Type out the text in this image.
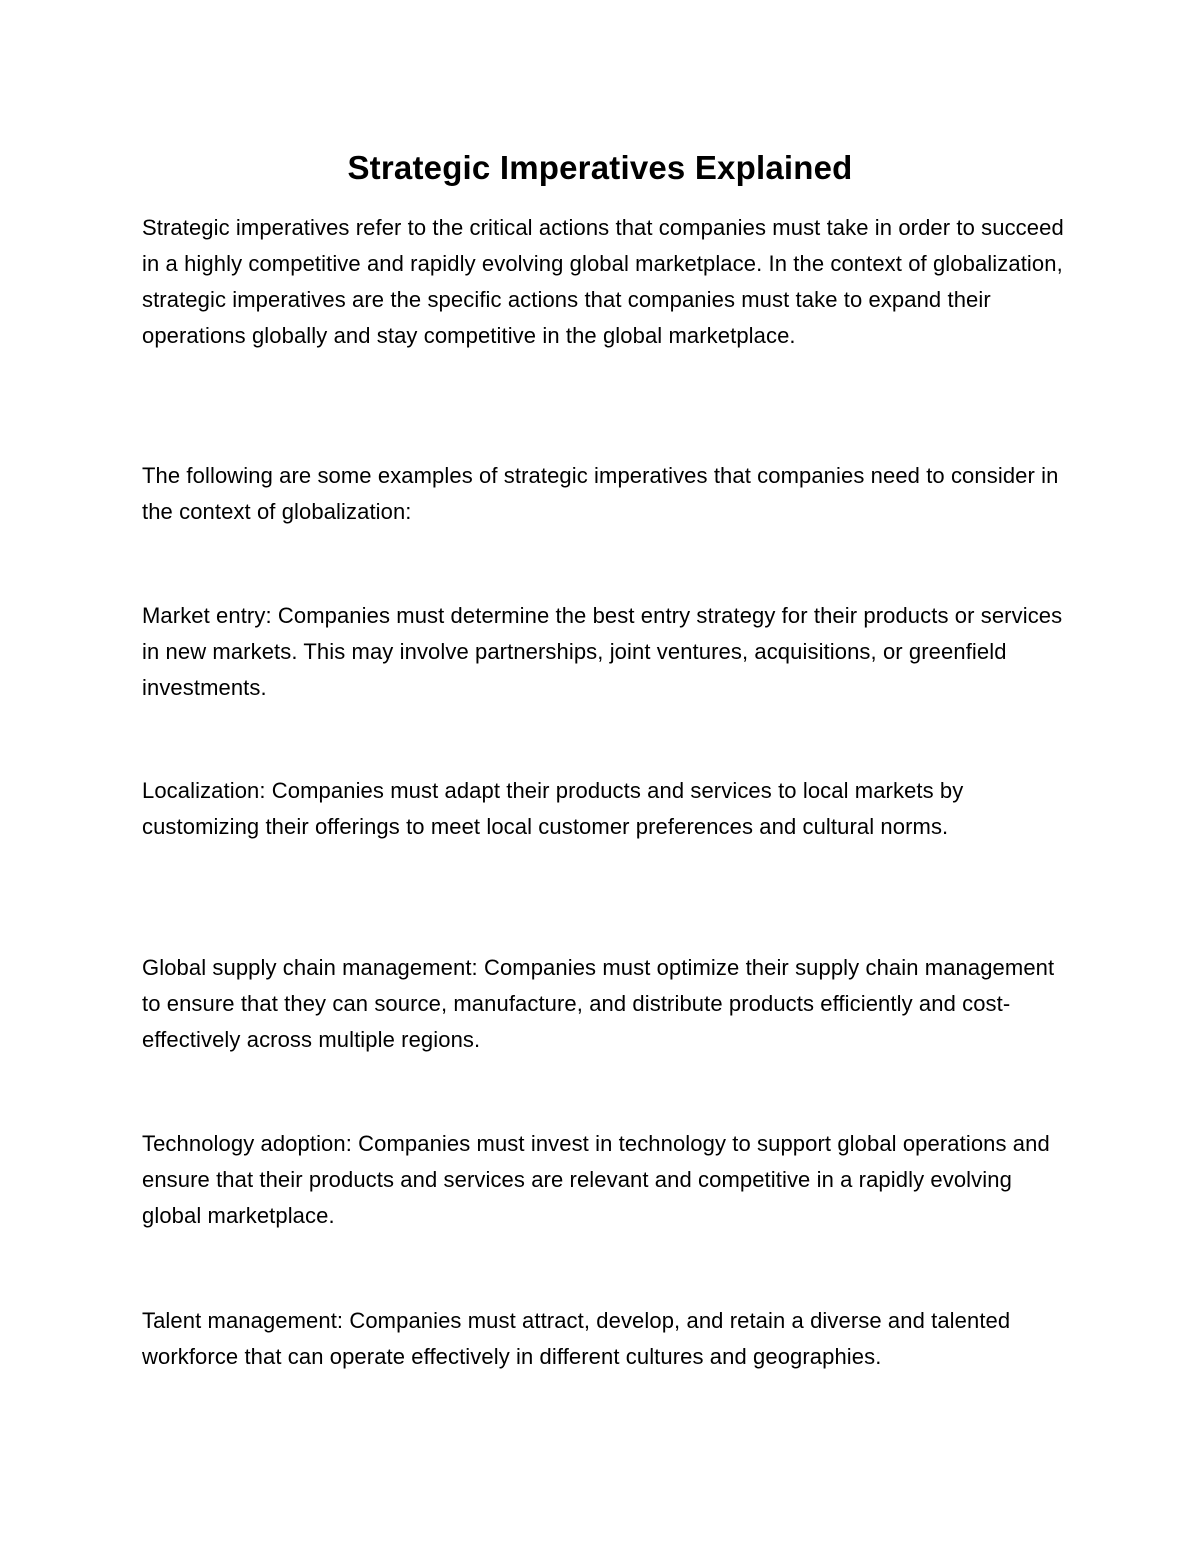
Strategic Imperatives Explained

Strategic imperatives refer to the critical actions that companies must take in order to succeed in a highly competitive and rapidly evolving global marketplace. In the context of globalization, strategic imperatives are the specific actions that companies must take to expand their operations globally and stay competitive in the global marketplace.

The following are some examples of strategic imperatives that companies need to consider in the context of globalization:

Market entry: Companies must determine the best entry strategy for their products or services in new markets. This may involve partnerships, joint ventures, acquisitions, or greenfield investments.

Localization: Companies must adapt their products and services to local markets by customizing their offerings to meet local customer preferences and cultural norms.

Global supply chain management: Companies must optimize their supply chain management to ensure that they can source, manufacture, and distribute products efficiently and cost-effectively across multiple regions.

Technology adoption: Companies must invest in technology to support global operations and ensure that their products and services are relevant and competitive in a rapidly evolving global marketplace.

Talent management: Companies must attract, develop, and retain a diverse and talented workforce that can operate effectively in different cultures and geographies.
